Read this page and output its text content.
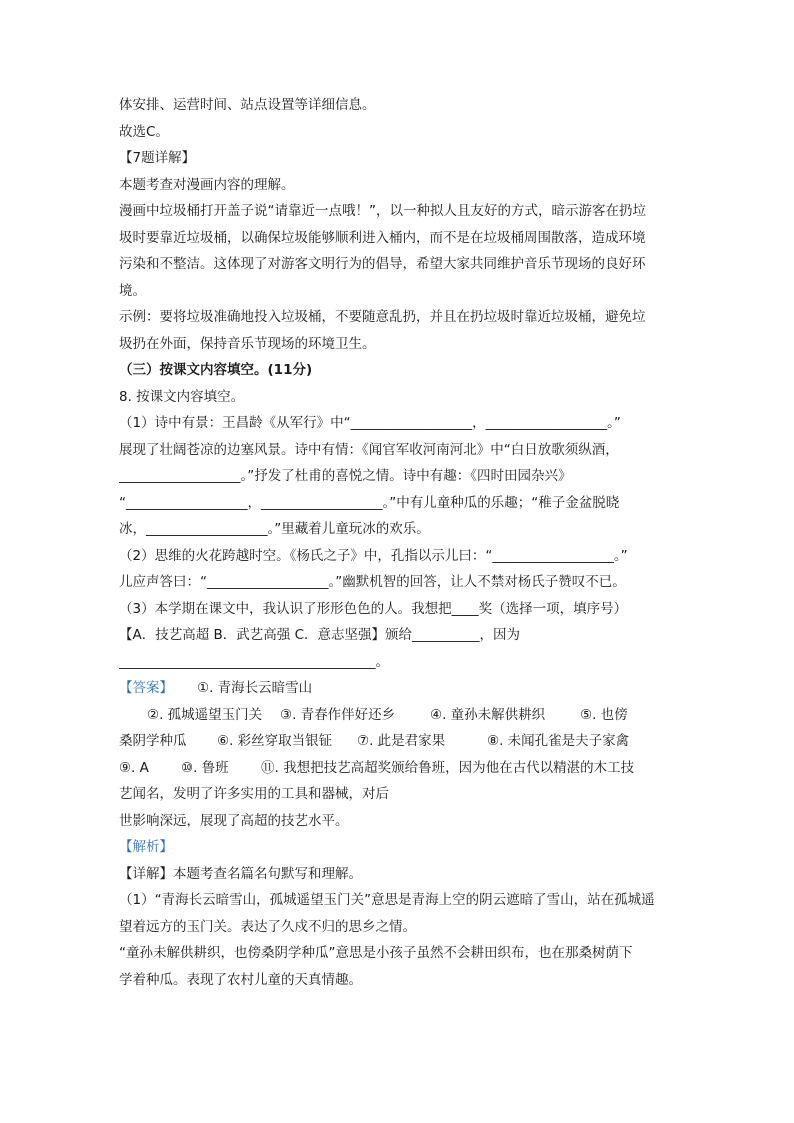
体安排、运营时间、站点设置等详细信息。
故选C。
【7题详解】
本题考查对漫画内容的理解。
漫画中垃圾桶打开盖子说“请靠近一点哦！”，以一种拟人且友好的方式，暗示游客在扔垃
圾时要靠近垃圾桶，以确保垃圾能够顺利进入桶内，而不是在垃圾桶周围散落，造成环境
污染和不整洁。这体现了对游客文明行为的倡导，希望大家共同维护音乐节现场的良好环
境。
示例：要将垃圾准确地投入垃圾桶，不要随意乱扔，并且在扔垃圾时靠近垃圾桶，避免垃
圾扔在外面，保持音乐节现场的环境卫生。
（三）按课文内容填空。(11分)
8. 按课文内容填空。
（1）诗中有景：王昌龄《从军行》中“__________________，__________________。”
展现了壮阔苍凉的边塞风景。诗中有情：《闻官军收河南河北》中“白日放歌须纵酒，
__________________。”抒发了杜甫的喜悦之情。诗中有趣：《四时田园杂兴》
“__________________，__________________。”中有儿童种瓜的乐趣；“稚子金盆脱晓
冰，__________________。”里藏着儿童玩冰的欢乐。
（2）思维的火花跨越时空。《杨氏之子》中，孔指以示儿曰：“__________________。”
儿应声答曰：“__________________。”幽默机智的回答，让人不禁对杨氏子赞叹不已。
（3）本学期在课文中，我认识了形形色色的人。我想把____奖（选择一项，填序号）
【A．技艺高超 B．武艺高强 C．意志坚强】颁给__________，因为
______________________________________。
【答案】	①. 青海长云暗雪山
②. 孤城遥望玉门关	③. 青春作伴好还乡	④. 童孙未解供耕织	⑤. 也傍
桑阴学种瓜	⑥. 彩丝穿取当银钲	⑦. 此是君家果	⑧. 未闻孔雀是夫子家禽
⑨. A	⑩. 鲁班	⑪. 我想把技艺高超奖颁给鲁班，因为他在古代以精湛的木工技
艺闻名，发明了许多实用的工具和器械，对后
世影响深远，展现了高超的技艺水平。
【解析】
【详解】本题考查名篇名句默写和理解。
（1）“青海长云暗雪山，孤城遥望玉门关”意思是青海上空的阴云遮暗了雪山，站在孤城遥
望着远方的玉门关。表达了久戍不归的思乡之情。
“童孙未解供耕织，也傍桑阴学种瓜”意思是小孩子虽然不会耕田织布，也在那桑树荫下
学着种瓜。表现了农村儿童的天真情趣。
